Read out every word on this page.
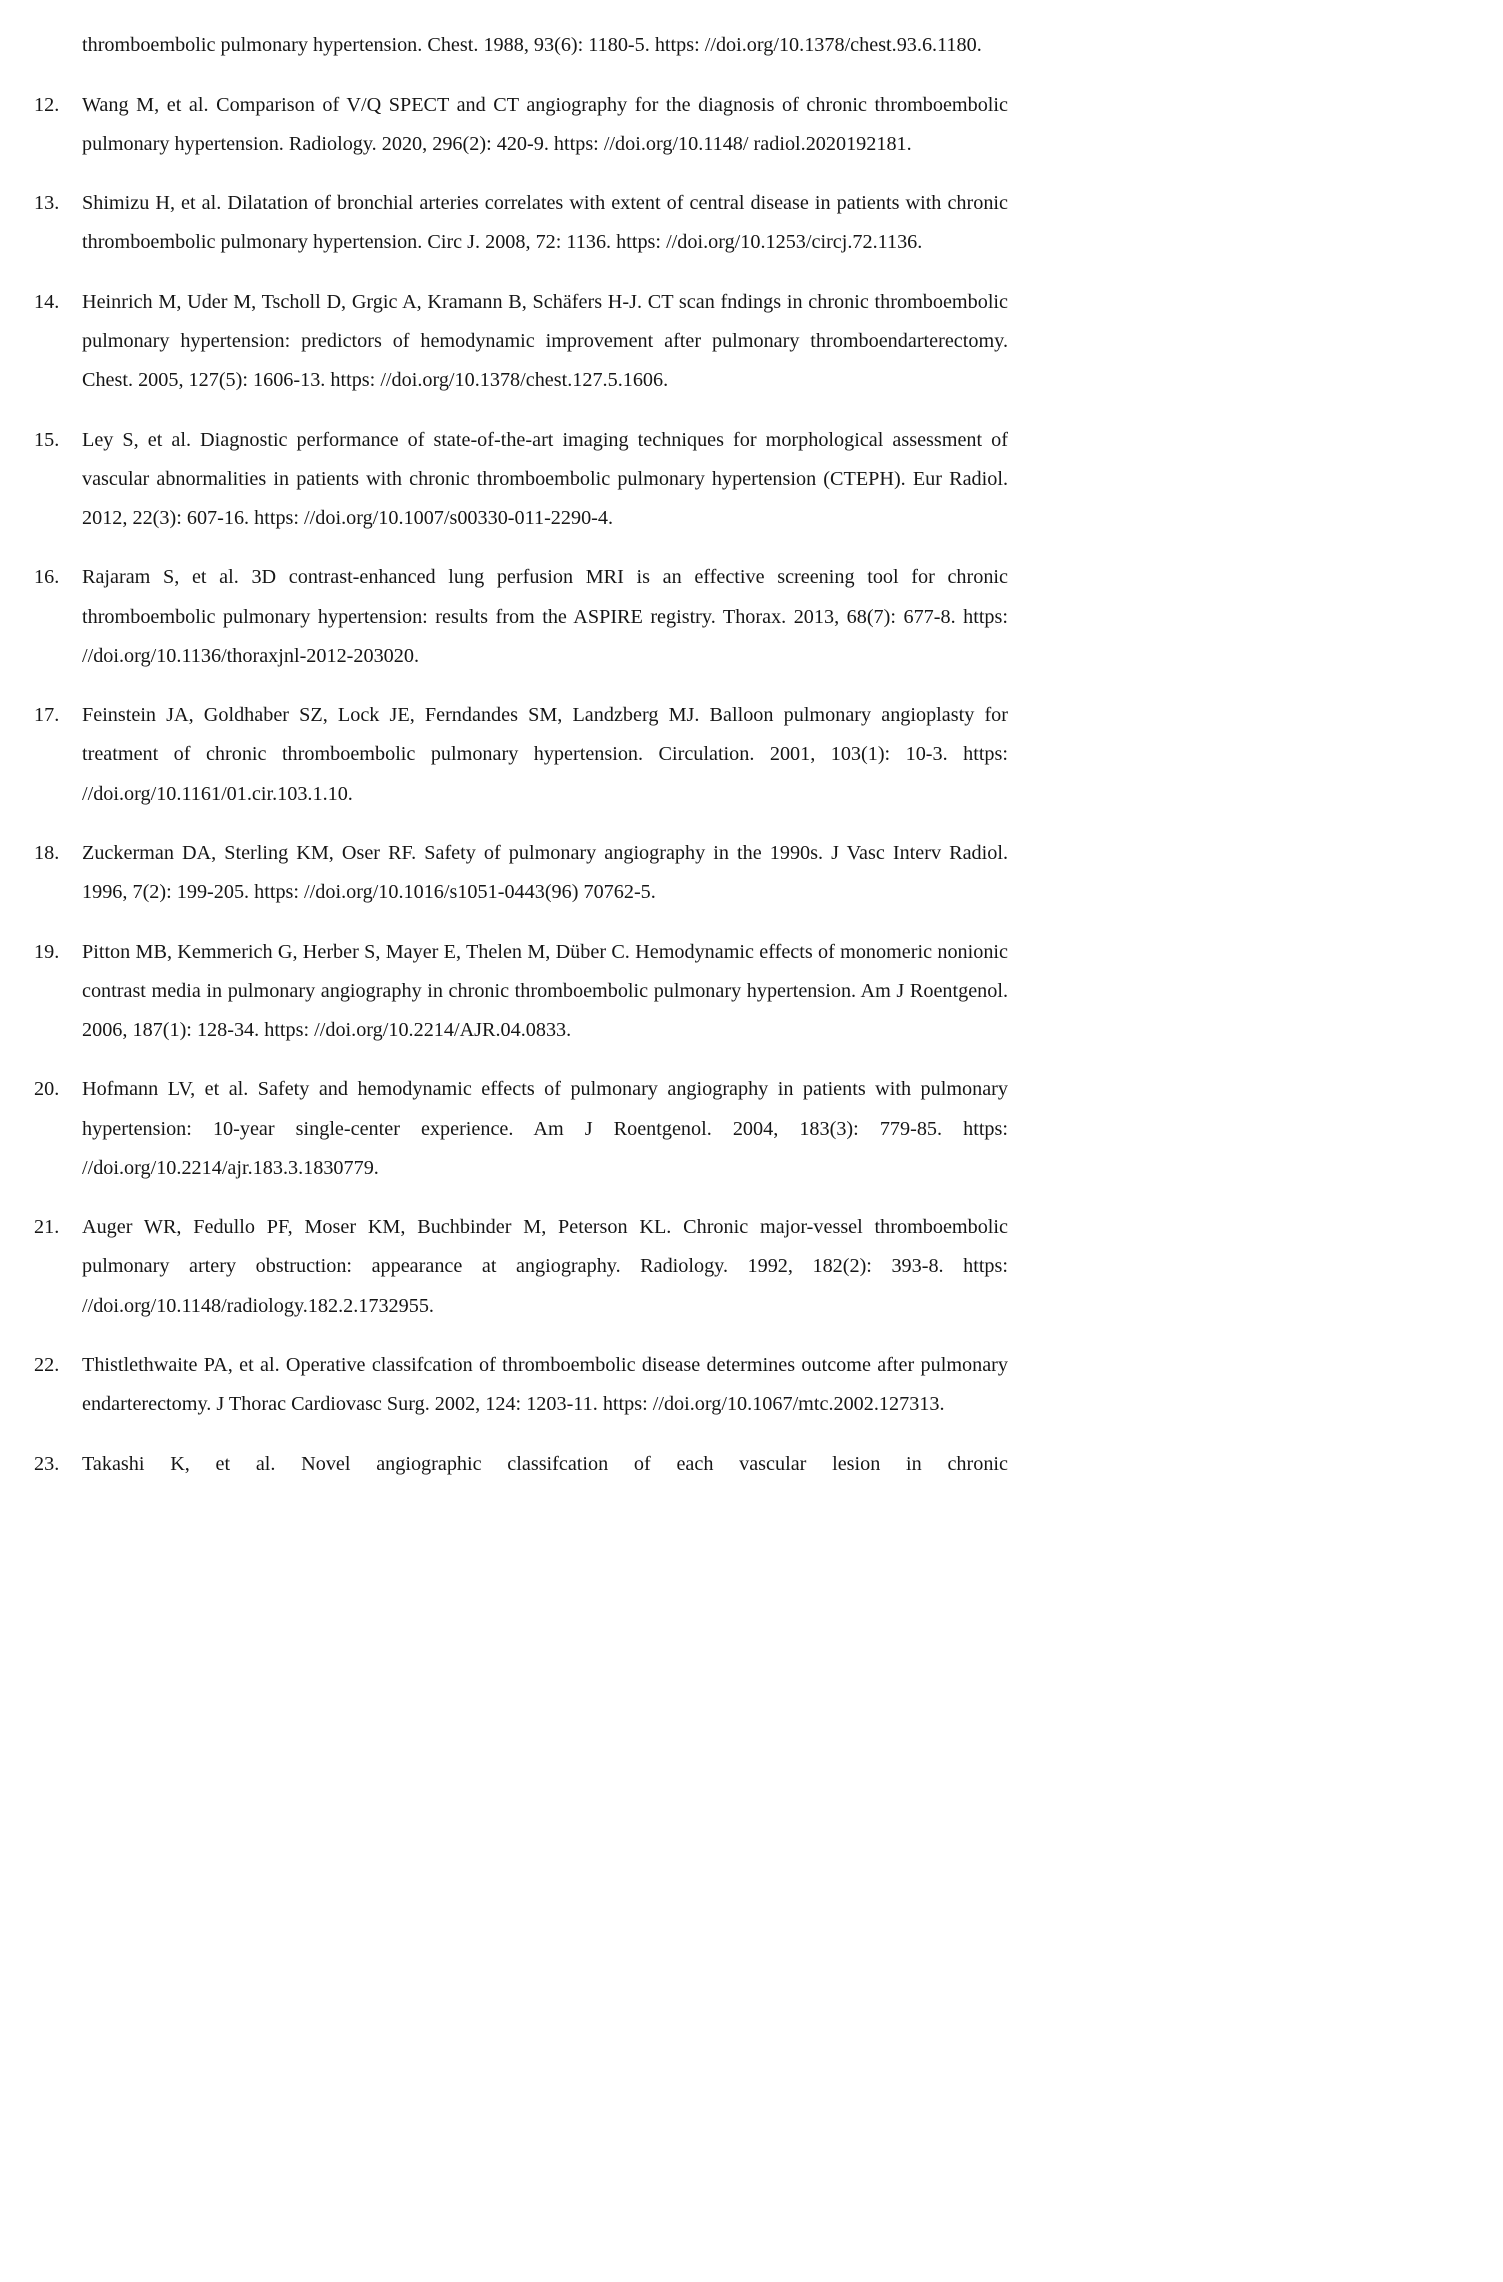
thromboembolic pulmonary hypertension. Chest. 1988, 93(6): 1180-5. https: //doi.org/10.1378/chest.93.6.1180.

12.	Wang M, et al. Comparison of V/Q SPECT and CT angiography for the diagnosis of chronic thromboembolic pulmonary hypertension. Radiology. 2020, 296(2): 420-9. https: //doi.org/10.1148/ radiol.2020192181.

13.	Shimizu H, et al. Dilatation of bronchial arteries correlates with extent of central disease in patients with chronic thromboembolic pulmonary hypertension. Circ J. 2008, 72: 1136. https: //doi.org/10.1253/circj.72.1136.

14.	Heinrich M, Uder M, Tscholl D, Grgic A, Kramann B, Schäfers H-J. CT scan fndings in chronic thromboembolic pulmonary hypertension: predictors of hemodynamic improvement after pulmonary thromboendarterectomy. Chest. 2005, 127(5): 1606-13. https: //doi.org/10.1378/chest.127.5.1606.

15.	Ley S, et al. Diagnostic performance of state-of-the-art imaging techniques for morphological assessment of vascular abnormalities in patients with chronic thromboembolic pulmonary hypertension (CTEPH). Eur Radiol. 2012, 22(3): 607-16. https: //doi.org/10.1007/s00330-011-2290-4.

16.	Rajaram S, et al. 3D contrast-enhanced lung perfusion MRI is an effective screening tool for chronic thromboembolic pulmonary hypertension: results from the ASPIRE registry. Thorax. 2013, 68(7): 677-8. https: //doi.org/10.1136/thoraxjnl-2012-203020.

17.	Feinstein JA, Goldhaber SZ, Lock JE, Ferndandes SM, Landzberg MJ. Balloon pulmonary angioplasty for treatment of chronic thromboembolic pulmonary hypertension. Circulation. 2001, 103(1): 10-3. https: //doi.org/10.1161/01.cir.103.1.10.

18.	Zuckerman DA, Sterling KM, Oser RF. Safety of pulmonary angiography in the 1990s. J Vasc Interv Radiol. 1996, 7(2): 199-205. https: //doi.org/10.1016/s1051-0443(96) 70762-5.

19.	Pitton MB, Kemmerich G, Herber S, Mayer E, Thelen M, Düber C. Hemodynamic effects of monomeric nonionic contrast media in pulmonary angiography in chronic thromboembolic pulmonary hypertension. Am J Roentgenol. 2006, 187(1): 128-34. https: //doi.org/10.2214/AJR.04.0833.

20.	Hofmann LV, et al. Safety and hemodynamic effects of pulmonary angiography in patients with pulmonary hypertension: 10-year single-center experience. Am J Roentgenol. 2004, 183(3): 779-85. https: //doi.org/10.2214/ajr.183.3.1830779.

21.	Auger WR, Fedullo PF, Moser KM, Buchbinder M, Peterson KL. Chronic major-vessel thromboembolic pulmonary artery obstruction: appearance at angiography. Radiology. 1992, 182(2): 393-8. https: //doi.org/10.1148/radiology.182.2.1732955.

22.	Thistlethwaite PA, et al. Operative classifcation of thromboembolic disease determines outcome after pulmonary endarterectomy. J Thorac Cardiovasc Surg. 2002, 124: 1203-11. https: //doi.org/10.1067/mtc.2002.127313.

23.	Takashi K, et al. Novel angiographic classifcation of each vascular lesion in chronic
